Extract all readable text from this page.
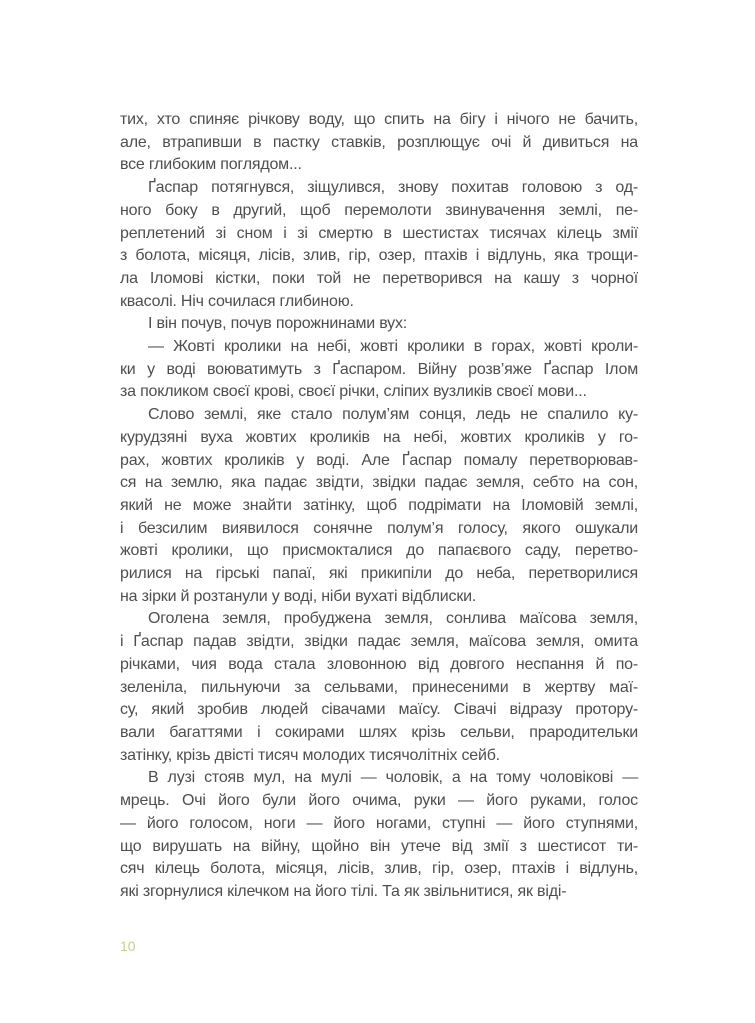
тих, хто спиняє річкову воду, що спить на бігу і нічого не бачить,
але, втрапивши в пастку ставків, розплющує очі й дивиться на
все глибоким поглядом...

Ґаспар потягнувся, зіщулився, знову похитав головою з од-
ного боку в другий, щоб перемолоти звинувачення землі, пе-
реплетений зі сном і зі смертю в шестистах тисячах кілець змії
з болота, місяця, лісів, злив, гір, озер, птахів і відлунь, яка трощи-
ла Іломові кістки, поки той не перетворився на кашу з чорної
квасолі. Ніч сочилася глибиною.

І він почув, почув порожнинами вух:

— Жовті кролики на небі, жовті кролики в горах, жовті кроли-
ки у воді воюватимуть з Ґаспаром. Війну розв’яже Ґаспар Ілом
за покликом своєї крові, своєї річки, сліпих вузликів своєї мови...

Слово землі, яке стало полум’ям сонця, ледь не спалило ку-
курудзяні вуха жовтих кроликів на небі, жовтих кроликів у го-
рах, жовтих кроликів у воді. Але Ґаспар помалу перетворював-
ся на землю, яка падає звідти, звідки падає земля, себто на сон,
який не може знайти затінку, щоб подрімати на Іломовій землі,
і безсилим виявилося сонячне полум’я голосу, якого ошукали
жовті кролики, що присмокталися до папаєвого саду, перетво-
рилися на гірські папаї, які прикипіли до неба, перетворилися
на зірки й розтанули у воді, ніби вухаті відблиски.

Оголена земля, пробуджена земля, сонлива маїсова земля,
і Ґаспар падав звідти, звідки падає земля, маїсова земля, омита
річками, чия вода стала зловонною від довгого неспання й по-
зеленіла, пильнуючи за сельвами, принесеними в жертву маї-
су, який зробив людей сівачами маїсу. Сівачі відразу протору-
вали багаттями і сокирами шлях крізь сельви, прародительки
затінку, крізь двісті тисяч молодих тисячолітніх сейб.

В лузі стояв мул, на мулі — чоловік, а на тому чоловікові —
мрець. Очі його були його очима, руки — його руками, голос
— його голосом, ноги — його ногами, ступні — його ступнями,
що вирушать на війну, щойно він утече від змії з шестисот ти-
сяч кілець болота, місяця, лісів, злив, гір, озер, птахів і відлунь,
які згорнулися кілечком на його тілі. Та як звільнитися, як віді-

10
